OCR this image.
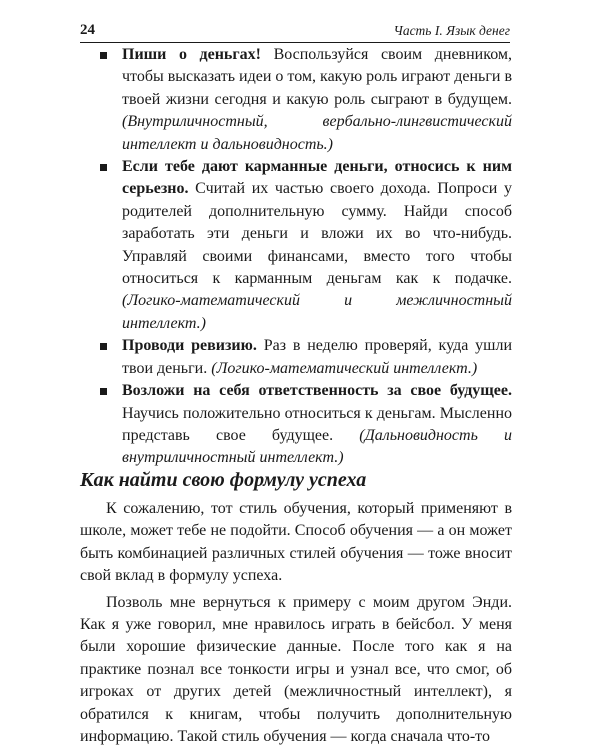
24	Часть I. Язык денег
Пиши о деньгах! Воспользуйся своим дневником, чтобы высказать идеи о том, какую роль играют деньги в твоей жизни сегодня и какую роль сыграют в будущем. (Внутриличностный, вербально-лингвистический интеллект и дальновидность.)
Если тебе дают карманные деньги, относись к ним серьезно. Считай их частью своего дохода. Попроси у родителей дополнительную сумму. Найди способ заработать эти деньги и вложи их во что-нибудь. Управляй своими финансами, вместо того чтобы относиться к карманным деньгам как к подачке. (Логико-математический и межличностный интеллект.)
Проводи ревизию. Раз в неделю проверяй, куда ушли твои деньги. (Логико-математический интеллект.)
Возложи на себя ответственность за свое будущее. Научись положительно относиться к деньгам. Мысленно представь свое будущее. (Дальновидность и внутриличностный интеллект.)
Как найти свою формулу успеха

К сожалению, тот стиль обучения, который применяют в школе, может тебе не подойти. Способ обучения — а он может быть комбинацией различных стилей обучения — тоже вносит свой вклад в формулу успеха.

Позволь мне вернуться к примеру с моим другом Энди. Как я уже говорил, мне нравилось играть в бейсбол. У меня были хорошие физические данные. После того как я на практике познал все тонкости игры и узнал все, что смог, об игроках от других детей (межличностный интеллект), я обратился к книгам, чтобы получить дополнительную информацию. Такой стиль обучения — когда сначала что-то
